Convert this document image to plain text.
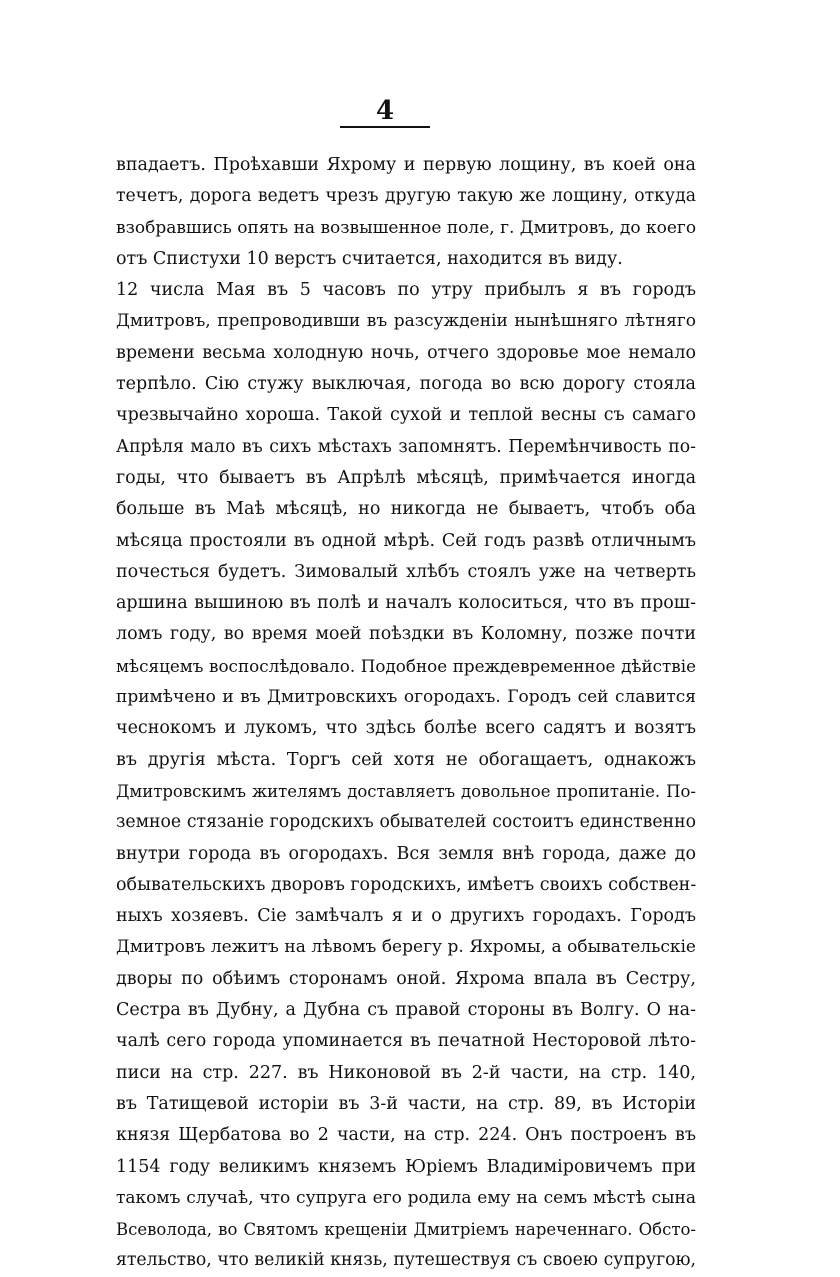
4
впадаетъ. Проѣхавши Яхрому и первую лощину, въ коей она
течетъ, дорога ведетъ чрезъ другую такую же лощину, откуда
взобравшись опять на возвышенное поле, г. Дмитровъ, до коего
отъ Спистухи 10 верстъ считается, находится въ виду.
12 числа Мая въ 5 часовъ по утру прибылъ я въ городъ
Дмитровъ, препроводивши въ разсужденіи нынѣшняго лѣтняго
времени весьма холодную ночь, отчего здоровье мое немало
терпѣло. Сію стужу выключая, погода во всю дорогу стояла
чрезвычайно хороша. Такой сухой и теплой весны съ самаго
Апрѣля мало въ сихъ мѣстахъ запомнятъ. Перемѣнчивость по-
годы, что бываетъ въ Апрѣлѣ мѣсяцѣ, примѣчается иногда
больше въ Маѣ мѣсяцѣ, но никогда не бываетъ, чтобъ оба
мѣсяца простояли въ одной мѣрѣ. Сей годъ развѣ отличнымъ
почесться будетъ. Зимовалый хлѣбъ стоялъ уже на четверть
аршина вышиною въ полѣ и началъ колоситься, что въ прош-
ломъ году, во время моей поѣздки въ Коломну, позже почти
мѣсяцемъ воспослѣдовало. Подобное преждевременное дѣйствіе
примѣчено и въ Дмитровскихъ огородахъ. Городъ сей славится
чеснокомъ и лукомъ, что здѣсь болѣе всего садятъ и возятъ
въ другія мѣста. Торгъ сей хотя не обогащаетъ, однакожъ
Дмитровскимъ жителямъ доставляетъ довольное пропитаніе. По-
земное стязаніе городскихъ обывателей состоитъ единственно
внутри города въ огородахъ. Вся земля внѣ города, даже до
обывательскихъ дворовъ городскихъ, имѣетъ своихъ собствен-
ныхъ хозяевъ. Сіе замѣчалъ я и о другихъ городахъ. Городъ
Дмитровъ лежитъ на лѣвомъ берегу р. Яхромы, а обывательскіе
дворы по обѣимъ сторонамъ оной. Яхрома впала въ Сестру,
Сестра въ Дубну, а Дубна съ правой стороны въ Волгу. О на-
чалѣ сего города упоминается въ печатной Несторовой лѣто-
писи на стр. 227. въ Никоновой въ 2-й части, на стр. 140,
въ Татищевой исторіи въ 3-й части, на стр. 89, въ Исторіи
князя Щербатова во 2 части, на стр. 224. Онъ построенъ въ
1154 году великимъ княземъ Юріемъ Владиміровичемъ при
такомъ случаѣ, что супруга его родила ему на семъ мѣстѣ сына
Всеволода, во Святомъ крещеніи Дмитріемъ нареченнаго. Обсто-
ятельство, что великій князь, путешествуя съ своею супругою,
